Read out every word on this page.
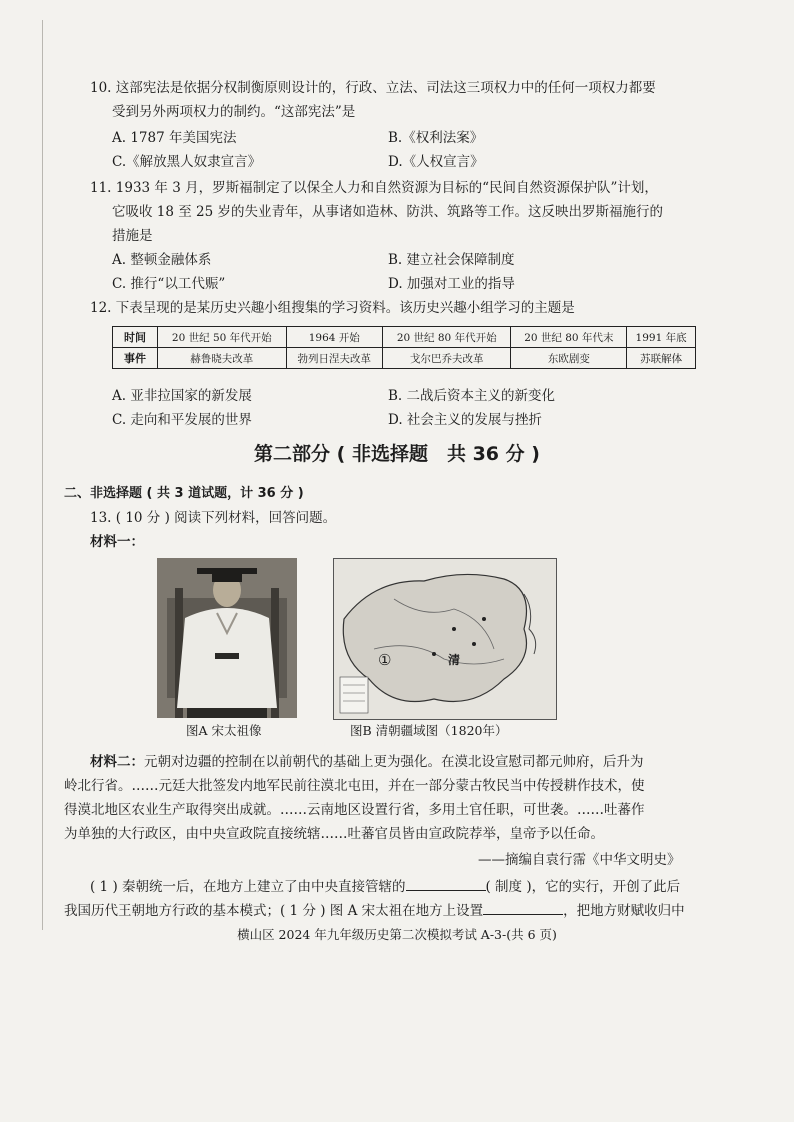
10. 这部宪法是依据分权制衡原则设计的，行政、立法、司法这三项权力中的任何一项权力都要
受到另外两项权力的制约。“这部宪法”是
A. 1787 年美国宪法	B.《权利法案》
C.《解放黑人奴隶宣言》	D.《人权宣言》
11. 1933 年 3 月，罗斯福制定了以保全人力和自然资源为目标的“民间自然资源保护队”计划，
它吸收 18 至 25 岁的失业青年，从事诸如造林、防洪、筑路等工作。这反映出罗斯福施行的
措施是
A. 整顿金融体系	B. 建立社会保障制度
C. 推行“以工代赈”	D. 加强对工业的指导
12. 下表呈现的是某历史兴趣小组搜集的学习资料。该历史兴趣小组学习的主题是
时间	20 世纪 50 年代开始	1964 开始	20 世纪 80 年代开始	20 世纪 80 年代末	1991 年底
事件	赫鲁晓夫改革	勃列日涅夫改革	戈尔巴乔夫改革	东欧剧变	苏联解体
A. 亚非拉国家的新发展	B. 二战后资本主义的新变化
C. 走向和平发展的世界	D. 社会主义的发展与挫折
第二部分 ( 非选择题　共 36 分 )
二、非选择题 ( 共 3 道试题，计 36 分 )
13. ( 10 分 ) 阅读下列材料，回答问题。
材料一：
图A 宋太祖像
①	清
图B 清朝疆域图（1820年）
材料二：元朝对边疆的控制在以前朝代的基础上更为强化。在漠北设宣慰司都元帅府，后升为
岭北行省。……元廷大批签发内地军民前往漠北屯田，并在一部分蒙古牧民当中传授耕作技术，使
得漠北地区农业生产取得突出成就。……云南地区设置行省，多用土官任职，可世袭。……吐蕃作
为单独的大行政区，由中央宣政院直接统辖……吐蕃官员皆由宣政院荐举，皇帝予以任命。
——摘编自袁行霈《中华文明史》
( 1 ) 秦朝统一后，在地方上建立了由中央直接管辖的	( 制度 )，它的实行，开创了此后
我国历代王朝地方行政的基本模式；( 1 分 ) 图 A 宋太祖在地方上设置	，把地方财赋收归中
横山区 2024 年九年级历史第二次模拟考试 A-3-(共 6 页)
